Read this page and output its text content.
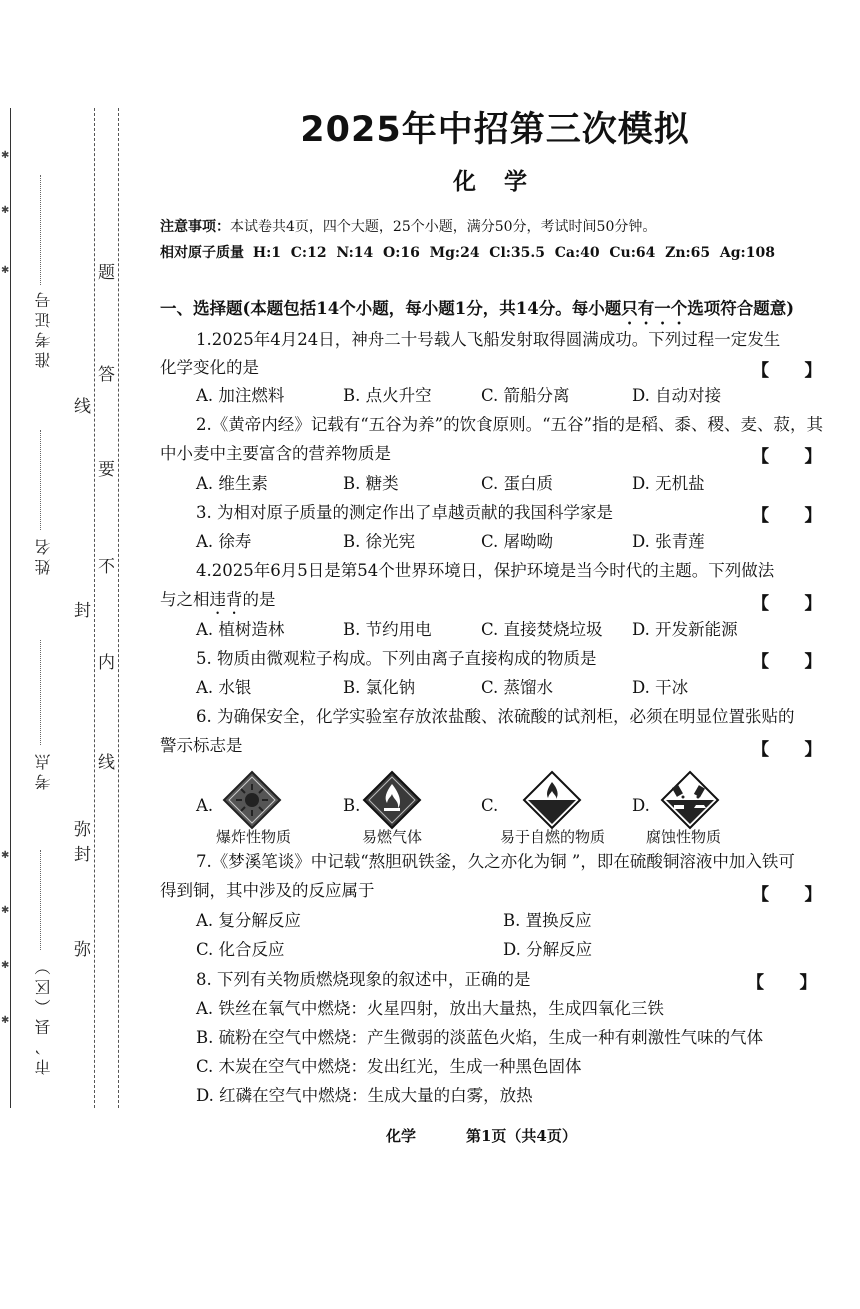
准考证号
姓名
考点
市、县（区）
题
答
要
不
内
线
线
封
弥
封
弥
✱
✱
✱
✱
✱
✱
✱
2025年中招第三次模拟
化 学
注意事项：本试卷共4页，四个大题，25个小题，满分50分，考试时间50分钟。
相对原子质量 H:1  C:12  N:14  O:16  Mg:24  Cl:35.5  Ca:40  Cu:64  Zn:65  Ag:108
一、选择题(本题包括14个小题，每小题1分，共14分。每小题只有一个选项符合题意)
1.2025年4月24日，神舟二十号载人飞船发射取得圆满成功。下列过程一定发生
化学变化的是	【      】
A. 加注燃料	B. 点火升空	C. 箭船分离	D. 自动对接
2.《黄帝内经》记载有“五谷为养”的饮食原则。“五谷”指的是稻、黍、稷、麦、菽，其
中小麦中主要富含的营养物质是	【      】
A. 维生素	B. 糖类	C. 蛋白质	D. 无机盐
3. 为相对原子质量的测定作出了卓越贡献的我国科学家是	【      】
A. 徐寿	B. 徐光宪	C. 屠呦呦	D. 张青莲
4.2025年6月5日是第54个世界环境日，保护环境是当今时代的主题。下列做法
与之相违背的是	【      】
A. 植树造林	B. 节约用电	C. 直接焚烧垃圾 D. 开发新能源
5. 物质由微观粒子构成。下列由离子直接构成的物质是	【      】
A. 水银	B. 氯化钠	C. 蒸馏水	D. 干冰
6. 为确保安全，化学实验室存放浓盐酸、浓硫酸的试剂柜，必须在明显位置张贴的
警示标志是	【      】
A.	B.	C.	D.
爆炸性物质	易燃气体	易于自燃的物质	腐蚀性物质
7.《梦溪笔谈》中记载“熬胆矾铁釜，久之亦化为铜 ”，即在硫酸铜溶液中加入铁可
得到铜，其中涉及的反应属于	【      】
A. 复分解反应	B. 置换反应
C. 化合反应	D. 分解反应
8. 下列有关物质燃烧现象的叙述中，正确的是	【      】
A. 铁丝在氧气中燃烧：火星四射，放出大量热，生成四氧化三铁
B. 硫粉在空气中燃烧：产生微弱的淡蓝色火焰，生成一种有刺激性气味的气体
C. 木炭在空气中燃烧：发出红光，生成一种黑色固体
D. 红磷在空气中燃烧：生成大量的白雾，放热
化学	第1页（共4页）
